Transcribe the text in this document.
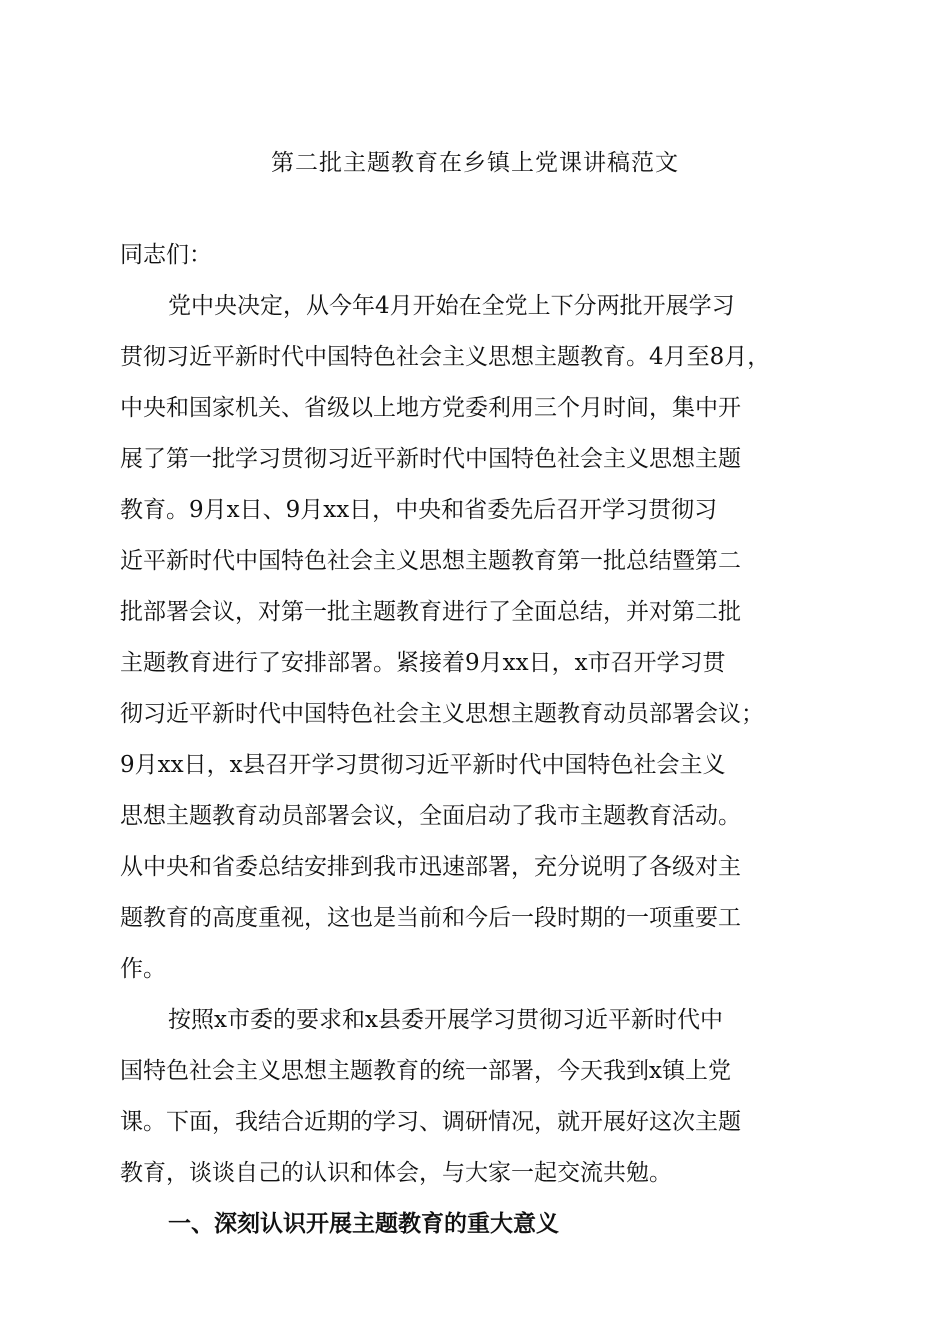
第二批主题教育在乡镇上党课讲稿范文
同志们：
党中央决定，从今年4月开始在全党上下分两批开展学习
贯彻习近平新时代中国特色社会主义思想主题教育。4月至8月，
中央和国家机关、省级以上地方党委利用三个月时间，集中开
展了第一批学习贯彻习近平新时代中国特色社会主义思想主题
教育。9月x日、9月xx日，中央和省委先后召开学习贯彻习
近平新时代中国特色社会主义思想主题教育第一批总结暨第二
批部署会议，对第一批主题教育进行了全面总结，并对第二批
主题教育进行了安排部署。紧接着9月xx日，x市召开学习贯
彻习近平新时代中国特色社会主义思想主题教育动员部署会议；
9月xx日，x县召开学习贯彻习近平新时代中国特色社会主义
思想主题教育动员部署会议，全面启动了我市主题教育活动。
从中央和省委总结安排到我市迅速部署，充分说明了各级对主
题教育的高度重视，这也是当前和今后一段时期的一项重要工
作。
按照x市委的要求和x县委开展学习贯彻习近平新时代中
国特色社会主义思想主题教育的统一部署，今天我到x镇上党
课。下面，我结合近期的学习、调研情况，就开展好这次主题
教育，谈谈自己的认识和体会，与大家一起交流共勉。
一、深刻认识开展主题教育的重大意义
